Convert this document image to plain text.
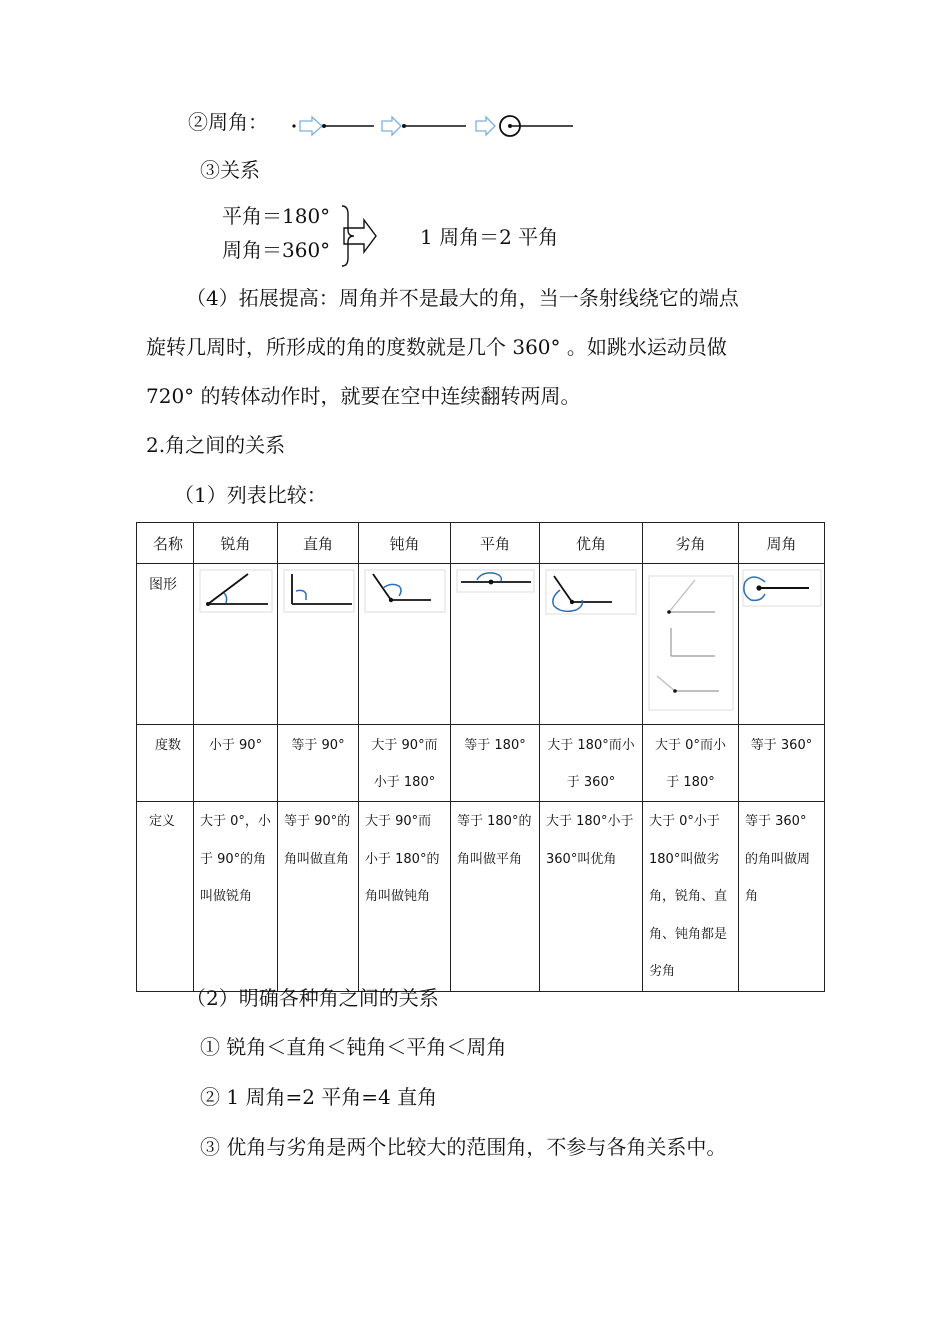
②周角：
③关系
平角＝180°
周角＝360°
1 周角＝2 平角
（4）拓展提高：周角并不是最大的角，当一条射线绕它的端点
旋转几周时，所形成的角的度数就是几个 360° 。如跳水运动员做
720° 的转体动作时，就要在空中连续翻转两周。
2.角之间的关系
（1）列表比较：
名称	锐角	直角	钝角	平角	优角	劣角	周角
图形	

度数	小于 90°	等于 90°	大于 90°而小于 180°	等于 180°	大于 180°而小于 360°	大于 0°而小于 180°	等于 360°
定义	大于 0°，小于 90°的角叫做锐角	等于 90°的角叫做直角	大于 90°而小于 180°的角叫做钝角	等于 180°的角叫做平角	大于 180°小于 360°叫优角	大于 0°小于 180°叫做劣角，锐角、直角、钝角都是劣角	等于 360°的角叫做周角
（2）明确各种角之间的关系
① 锐角＜直角＜钝角＜平角＜周角
② 1 周角=2 平角=4 直角
③ 优角与劣角是两个比较大的范围角，不参与各角关系中。
